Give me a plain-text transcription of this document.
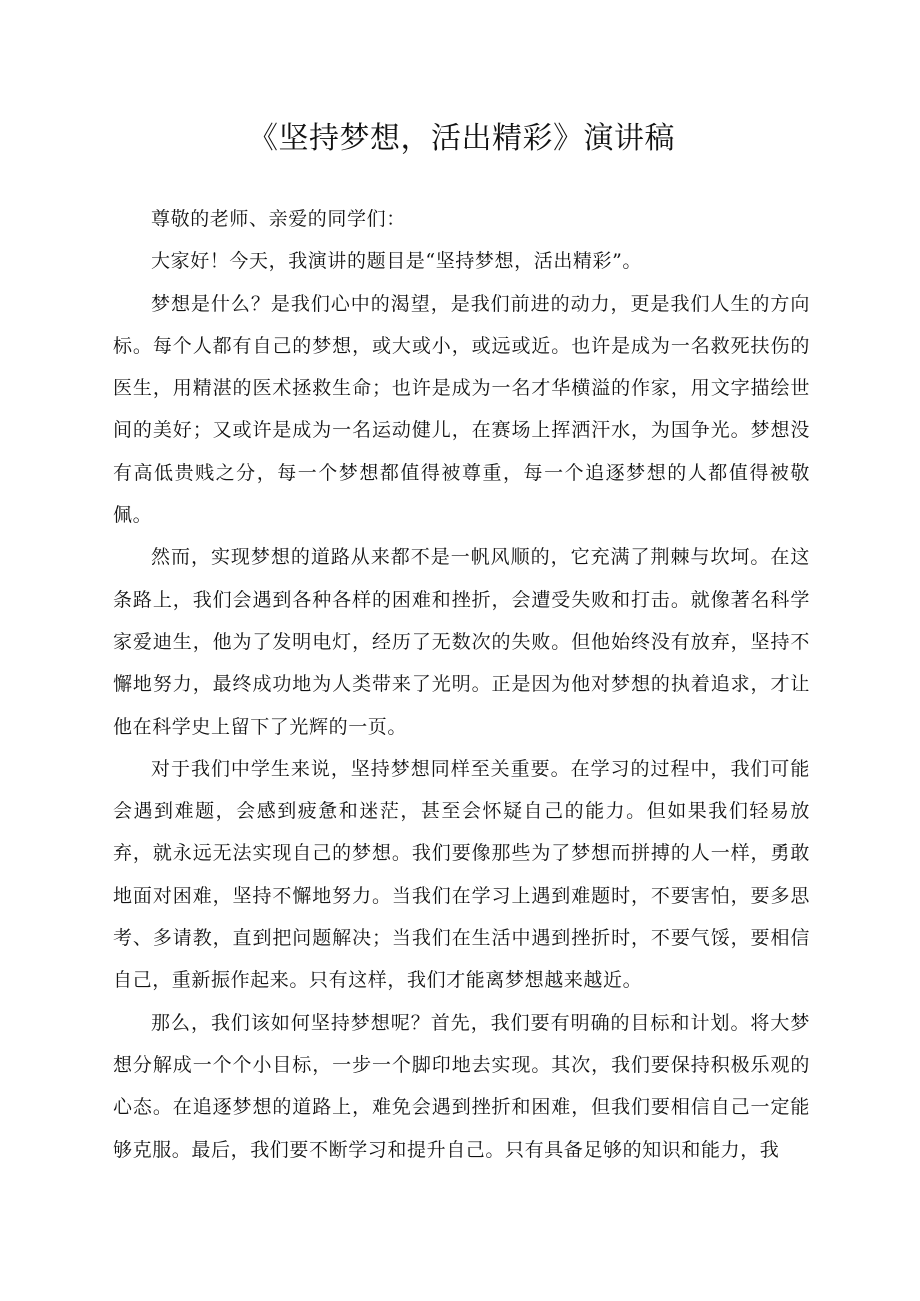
《坚持梦想，活出精彩》演讲稿

尊敬的老师、亲爱的同学们：

大家好！今天，我演讲的题目是“坚持梦想，活出精彩”。

梦想是什么？是我们心中的渴望，是我们前进的动力，更是我们人生的方向标。每个人都有自己的梦想，或大或小，或远或近。也许是成为一名救死扶伤的医生，用精湛的医术拯救生命；也许是成为一名才华横溢的作家，用文字描绘世间的美好；又或许是成为一名运动健儿，在赛场上挥洒汗水，为国争光。梦想没有高低贵贱之分，每一个梦想都值得被尊重，每一个追逐梦想的人都值得被敬佩。

然而，实现梦想的道路从来都不是一帆风顺的，它充满了荆棘与坎坷。在这条路上，我们会遇到各种各样的困难和挫折，会遭受失败和打击。就像著名科学家爱迪生，他为了发明电灯，经历了无数次的失败。但他始终没有放弃，坚持不懈地努力，最终成功地为人类带来了光明。正是因为他对梦想的执着追求，才让他在科学史上留下了光辉的一页。

对于我们中学生来说，坚持梦想同样至关重要。在学习的过程中，我们可能会遇到难题，会感到疲惫和迷茫，甚至会怀疑自己的能力。但如果我们轻易放弃，就永远无法实现自己的梦想。我们要像那些为了梦想而拼搏的人一样，勇敢地面对困难，坚持不懈地努力。当我们在学习上遇到难题时，不要害怕，要多思考、多请教，直到把问题解决；当我们在生活中遇到挫折时，不要气馁，要相信自己，重新振作起来。只有这样，我们才能离梦想越来越近。

那么，我们该如何坚持梦想呢？首先，我们要有明确的目标和计划。将大梦想分解成一个个小目标，一步一个脚印地去实现。其次，我们要保持积极乐观的心态。在追逐梦想的道路上，难免会遇到挫折和困难，但我们要相信自己一定能够克服。最后，我们要不断学习和提升自己。只有具备足够的知识和能力，我
